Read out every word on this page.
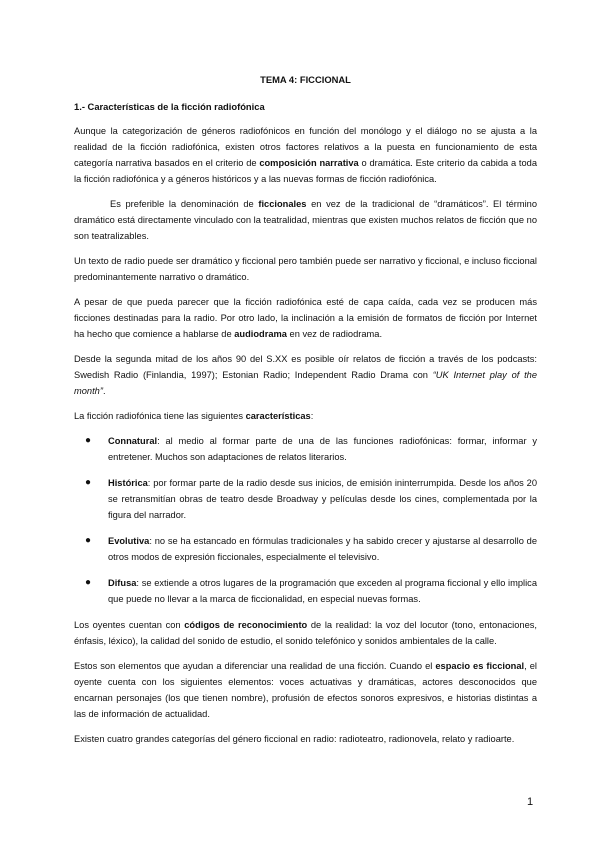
TEMA 4: FICCIONAL
1.- Características de la ficción radiofónica

Aunque la categorización de géneros radiofónicos en función del monólogo y el diálogo no se ajusta a la realidad de la ficción radiofónica, existen otros factores relativos a la puesta en funcionamiento de esta categoría narrativa basados en el criterio de composición narrativa o dramática. Este criterio da cabida a toda la ficción radiofónica y a géneros históricos y a las nuevas formas de ficción radiofónica.

Es preferible la denominación de ficcionales en vez de la tradicional de “dramáticos”. El término dramático está directamente vinculado con la teatralidad, mientras que existen muchos relatos de ficción que no son teatralizables.

Un texto de radio puede ser dramático y ficcional pero también puede ser narrativo y ficcional, e incluso ficcional predominantemente narrativo o dramático.

A pesar de que pueda parecer que la ficción radiofónica esté de capa caída, cada vez se producen más ficciones destinadas para la radio. Por otro lado, la inclinación a la emisión de formatos de ficción por Internet ha hecho que comience a hablarse de audiodrama en vez de radiodrama.

Desde la segunda mitad de los años 90 del S.XX es posible oír relatos de ficción a través de los podcasts: Swedish Radio (Finlandia, 1997); Estonian Radio; Independent Radio Drama con “UK Internet play of the month”.

La ficción radiofónica tiene las siguientes características:

● Connatural: al medio al formar parte de una de las funciones radiofónicas: formar, informar y entretener. Muchos son adaptaciones de relatos literarios.
● Histórica: por formar parte de la radio desde sus inicios, de emisión ininterrumpida. Desde los años 20 se retransmitían obras de teatro desde Broadway y películas desde los cines, complementada por la figura del narrador.
● Evolutiva: no se ha estancado en fórmulas tradicionales y ha sabido crecer y ajustarse al desarrollo de otros modos de expresión ficcionales, especialmente el televisivo.
● Difusa: se extiende a otros lugares de la programación que exceden al programa ficcional y ello implica que puede no llevar a la marca de ficcionalidad, en especial nuevas formas.

Los oyentes cuentan con códigos de reconocimiento de la realidad: la voz del locutor (tono, entonaciones, énfasis, léxico), la calidad del sonido de estudio, el sonido telefónico y sonidos ambientales de la calle.

Estos son elementos que ayudan a diferenciar una realidad de una ficción. Cuando el espacio es ficcional, el oyente cuenta con los siguientes elementos: voces actuativas y dramáticas, actores desconocidos que encarnan personajes (los que tienen nombre), profusión de efectos sonoros expresivos, e historias distintas a las de información de actualidad.

Existen cuatro grandes categorías del género ficcional en radio: radioteatro, radionovela, relato y radioarte.

1
